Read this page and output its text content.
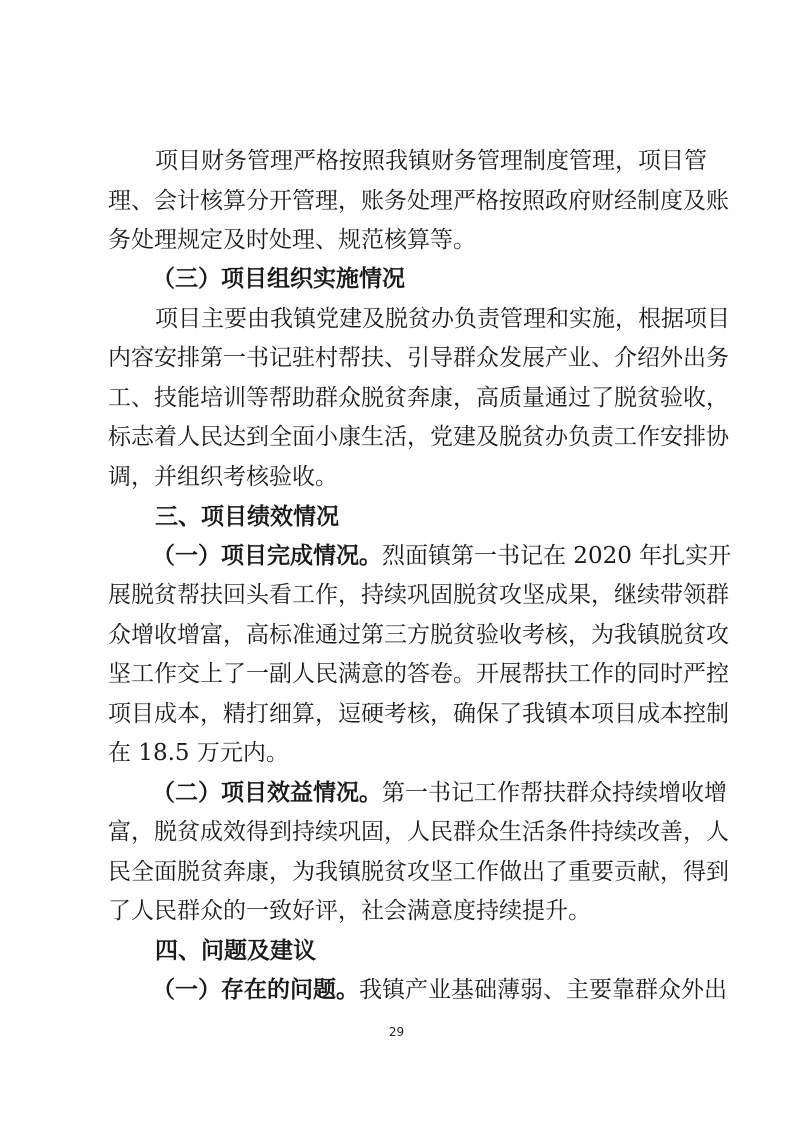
项目财务管理严格按照我镇财务管理制度管理，项目管
理、会计核算分开管理，账务处理严格按照政府财经制度及账
务处理规定及时处理、规范核算等。
（三）项目组织实施情况
项目主要由我镇党建及脱贫办负责管理和实施，根据项目
内容安排第一书记驻村帮扶、引导群众发展产业、介绍外出务
工、技能培训等帮助群众脱贫奔康，高质量通过了脱贫验收，
标志着人民达到全面小康生活，党建及脱贫办负责工作安排协
调，并组织考核验收。
三、项目绩效情况
（一）项目完成情况。烈面镇第一书记在 2020 年扎实开
展脱贫帮扶回头看工作，持续巩固脱贫攻坚成果，继续带领群
众增收增富，高标准通过第三方脱贫验收考核，为我镇脱贫攻
坚工作交上了一副人民满意的答卷。开展帮扶工作的同时严控
项目成本，精打细算，逗硬考核，确保了我镇本项目成本控制
在 18.5 万元内。
（二）项目效益情况。第一书记工作帮扶群众持续增收增
富，脱贫成效得到持续巩固，人民群众生活条件持续改善，人
民全面脱贫奔康，为我镇脱贫攻坚工作做出了重要贡献，得到
了人民群众的一致好评，社会满意度持续提升。
四、问题及建议
（一）存在的问题。我镇产业基础薄弱、主要靠群众外出
29
